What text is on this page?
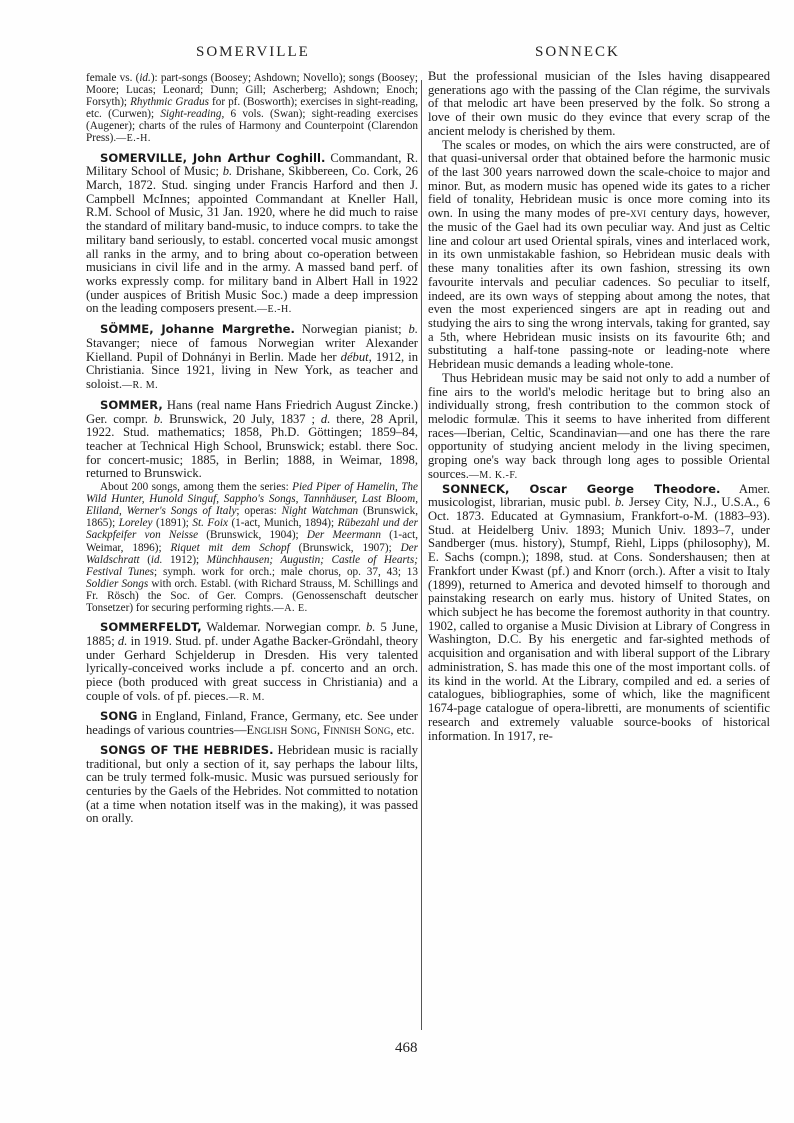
SOMERVILLE	SONNECK

female vs. (id.): part-songs (Boosey; Ashdown; Novello); songs (Boosey; Moore; Lucas; Leonard; Dunn; Gill; Ascherberg; Ashdown; Enoch; Forsyth); Rhythmic Gradus for pf. (Bosworth); exercises in sight-reading, etc. (Curwen); Sight-reading, 6 vols. (Swan); sight-reading exercises (Augener); charts of the rules of Harmony and Counterpoint (Clarendon Press).—E.-H.

SOMERVILLE, John Arthur Coghill. Commandant, R. Military School of Music; b. Drishane, Skibbereen, Co. Cork, 26 March, 1872. Stud. singing under Francis Harford and then J. Campbell McInnes; appointed Commandant at Kneller Hall, R.M. School of Music, 31 Jan. 1920, where he did much to raise the standard of military band-music, to induce comprs. to take the military band seriously, to establ. concerted vocal music amongst all ranks in the army, and to bring about co-operation between musicians in civil life and in the army. A massed band perf. of works expressly comp. for military band in Albert Hall in 1922 (under auspices of British Music Soc.) made a deep impression on the leading composers present.—E.-H.

SÖMME, Johanne Margrethe. Norwegian pianist; b. Stavanger; niece of famous Norwegian writer Alexander Kielland. Pupil of Dohnányi in Berlin. Made her début, 1912, in Christiania. Since 1921, living in New York, as teacher and soloist.—R. M.

SOMMER, Hans (real name Hans Friedrich August Zincke.) Ger. compr. b. Brunswick, 20 July, 1837 ; d. there, 28 April, 1922. Stud. mathematics; 1858, Ph.D. Göttingen; 1859–84, teacher at Technical High School, Brunswick; establ. there Soc. for concert-music; 1885, in Berlin; 1888, in Weimar, 1898, returned to Brunswick.

About 200 songs, among them the series: Pied Piper of Hamelin, The Wild Hunter, Hunold Singuf, Sappho's Songs, Tannhäuser, Last Bloom, Eliland, Werner's Songs of Italy; operas: Night Watchman (Brunswick, 1865); Loreley (1891); St. Foix (1-act, Munich, 1894); Rübezahl und der Sackpfeifer von Neisse (Brunswick, 1904); Der Meermann (1-act, Weimar, 1896); Riquet mit dem Schopf (Brunswick, 1907); Der Waldschratt (id. 1912); Münchhausen; Augustin; Castle of Hearts; Festival Tunes; symph. work for orch.; male chorus, op. 37, 43; 13 Soldier Songs with orch. Establ. (with Richard Strauss, M. Schillings and Fr. Rösch) the Soc. of Ger. Comprs. (Genossenschaft deutscher Tonsetzer) for securing performing rights.—A. E.

SOMMERFELDT, Waldemar. Norwegian compr. b. 5 June, 1885; d. in 1919. Stud. pf. under Agathe Backer-Gröndahl, theory under Gerhard Schjelderup in Dresden. His very talented lyrically-conceived works include a pf. concerto and an orch. piece (both produced with great success in Christiania) and a couple of vols. of pf. pieces.—R. M.

SONG in England, Finland, France, Germany, etc. See under headings of various countries—English Song, Finnish Song, etc.

SONGS OF THE HEBRIDES. Hebridean music is racially traditional, but only a section of it, say perhaps the labour lilts, can be truly termed folk-music. Music was pursued seriously for centuries by the Gaels of the Hebrides. Not committed to notation (at a time when notation itself was in the making), it was passed on orally.

But the professional musician of the Isles having disappeared generations ago with the passing of the Clan régime, the survivals of that melodic art have been preserved by the folk. So strong a love of their own music do they evince that every scrap of the ancient melody is cherished by them.

The scales or modes, on which the airs were constructed, are of that quasi-universal order that obtained before the harmonic music of the last 300 years narrowed down the scale-choice to major and minor. But, as modern music has opened wide its gates to a richer field of tonality, Hebridean music is once more coming into its own. In using the many modes of pre-xvi century days, however, the music of the Gael had its own peculiar way. And just as Celtic line and colour art used Oriental spirals, vines and interlaced work, in its own unmistakable fashion, so Hebridean music deals with these many tonalities after its own fashion, stressing its own favourite intervals and peculiar cadences. So peculiar to itself, indeed, are its own ways of stepping about among the notes, that even the most experienced singers are apt in reading out and studying the airs to sing the wrong intervals, taking for granted, say a 5th, where Hebridean music insists on its favourite 6th; and substituting a half-tone passing-note or leading-note where Hebridean music demands a leading whole-tone.

Thus Hebridean music may be said not only to add a number of fine airs to the world's melodic heritage but to bring also an individually strong, fresh contribution to the common stock of melodic formulæ. This it seems to have inherited from different races—Iberian, Celtic, Scandinavian—and one has there the rare opportunity of studying ancient melody in the living specimen, groping one's way back through long ages to possible Oriental sources.—M. K.-F.

SONNECK, Oscar George Theodore. Amer. musicologist, librarian, music publ. b. Jersey City, N.J., U.S.A., 6 Oct. 1873. Educated at Gymnasium, Frankfort-o-M. (1883–93). Stud. at Heidelberg Univ. 1893; Munich Univ. 1893–7, under Sandberger (mus. history), Stumpf, Riehl, Lipps (philosophy), M. E. Sachs (compn.); 1898, stud. at Cons. Sondershausen; then at Frankfort under Kwast (pf.) and Knorr (orch.). After a visit to Italy (1899), returned to America and devoted himself to thorough and painstaking research on early mus. history of United States, on which subject he has become the foremost authority in that country. 1902, called to organise a Music Division at Library of Congress in Washington, D.C. By his energetic and far-sighted methods of acquisition and organisation and with liberal support of the Library administration, S. has made this one of the most important colls. of its kind in the world. At the Library, compiled and ed. a series of catalogues, bibliographies, some of which, like the magnificent 1674-page catalogue of opera-libretti, are monuments of scientific research and extremely valuable source-books of historical information. In 1917, re-

468
